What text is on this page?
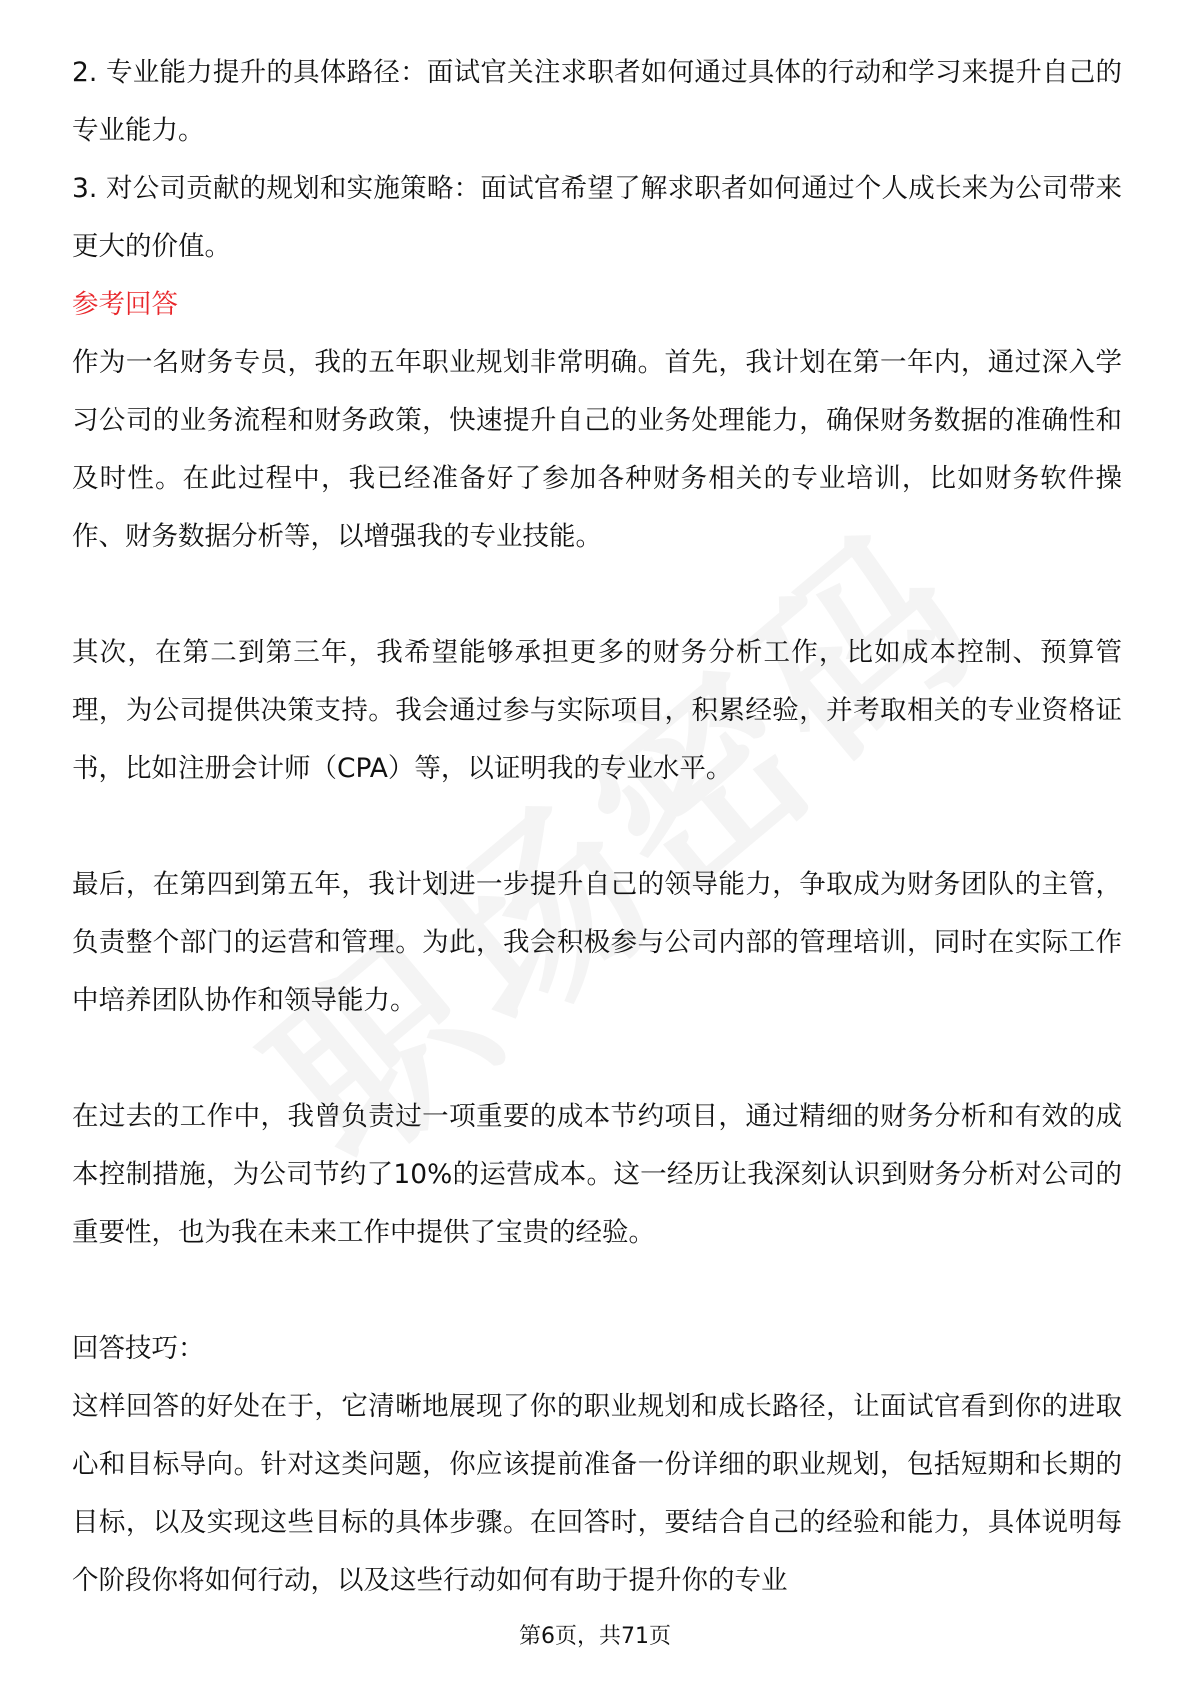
2. 专业能力提升的具体路径：面试官关注求职者如何通过具体的行动和学习来提升自己的专业能力。

3. 对公司贡献的规划和实施策略：面试官希望了解求职者如何通过个人成长来为公司带来更大的价值。

参考回答

作为一名财务专员，我的五年职业规划非常明确。首先，我计划在第一年内，通过深入学习公司的业务流程和财务政策，快速提升自己的业务处理能力，确保财务数据的准确性和及时性。在此过程中，我已经准备好了参加各种财务相关的专业培训，比如财务软件操作、财务数据分析等，以增强我的专业技能。

其次，在第二到第三年，我希望能够承担更多的财务分析工作，比如成本控制、预算管理，为公司提供决策支持。我会通过参与实际项目，积累经验，并考取相关的专业资格证书，比如注册会计师（CPA）等，以证明我的专业水平。

最后，在第四到第五年，我计划进一步提升自己的领导能力，争取成为财务团队的主管，负责整个部门的运营和管理。为此，我会积极参与公司内部的管理培训，同时在实际工作中培养团队协作和领导能力。

在过去的工作中，我曾负责过一项重要的成本节约项目，通过精细的财务分析和有效的成本控制措施，为公司节约了10%的运营成本。这一经历让我深刻认识到财务分析对公司的重要性，也为我在未来工作中提供了宝贵的经验。

回答技巧：

这样回答的好处在于，它清晰地展现了你的职业规划和成长路径，让面试官看到你的进取心和目标导向。针对这类问题，你应该提前准备一份详细的职业规划，包括短期和长期的目标，以及实现这些目标的具体步骤。在回答时，要结合自己的经验和能力，具体说明每个阶段你将如何行动，以及这些行动如何有助于提升你的专业

第6页，共71页
